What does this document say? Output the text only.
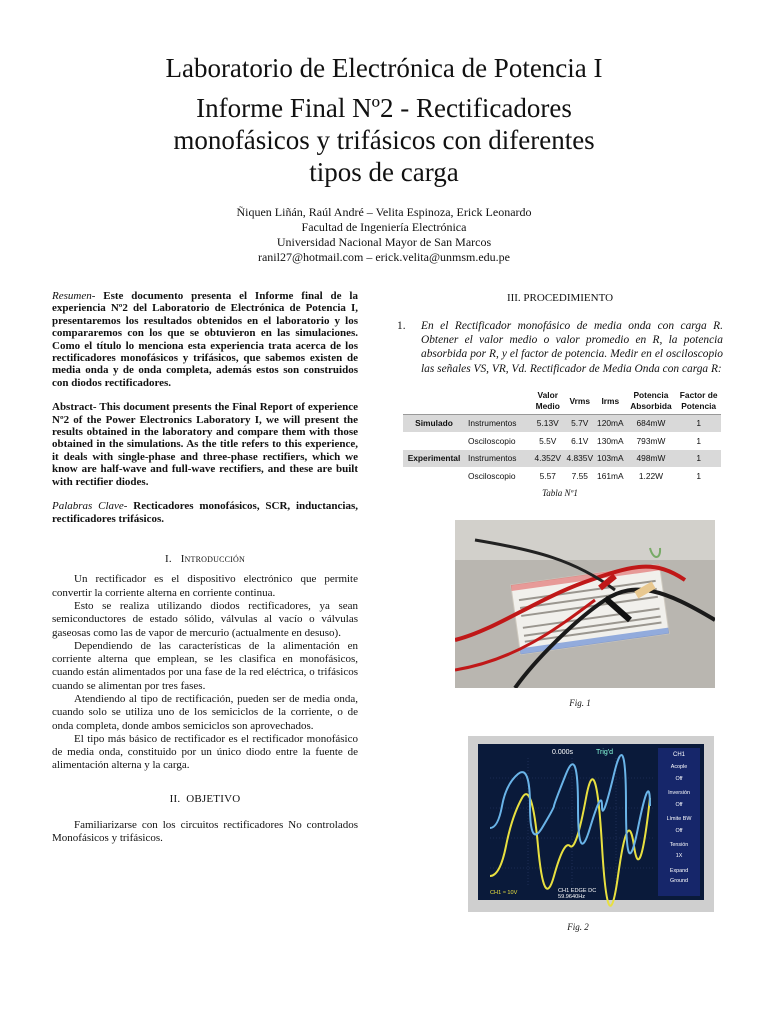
Laboratorio de Electrónica de Potencia I
Informe Final Nº2 - Rectificadores
monofásicos y trifásicos con diferentes
tipos de carga
Ñiquen Liñán, Raúl André – Velita Espinoza, Erick Leonardo
Facultad de Ingeniería Electrónica
Universidad Nacional Mayor de San Marcos
ranil27@hotmail.com – erick.velita@unmsm.edu.pe

Resumen- Este documento presenta el Informe final de la experiencia Nº2 del Laboratorio de Electrónica de Potencia I, presentaremos los resultados obtenidos en el laboratorio y los compararemos con los que se obtuvieron en las simulaciones. Como el título lo menciona esta experiencia trata acerca de los rectificadores monofásicos y trifásicos, que sabemos existen de media onda y de onda completa, además estos son construidos con diodos rectificadores.

Abstract- This document presents the Final Report of experience Nº2 of the Power Electronics Laboratory I, we will present the results obtained in the laboratory and compare them with those obtained in the simulations. As the title refers to this experience, it deals with single-phase and three-phase rectifiers, which we know are half-wave and full-wave rectifiers, and these are built with rectifier diodes.

Palabras Clave- Recticadores monofásicos, SCR, inductancias, rectificadores trifásicos.

I. Introducción

Un rectificador es el dispositivo electrónico que permite convertir la corriente alterna en corriente continua.

Esto se realiza utilizando diodos rectificadores, ya sean semiconductores de estado sólido, válvulas al vacío o válvulas gaseosas como las de vapor de mercurio (actualmente en desuso).

Dependiendo de las características de la alimentación en corriente alterna que emplean, se les clasifica en monofásicos, cuando están alimentados por una fase de la red eléctrica, o trifásicos cuando se alimentan por tres fases.

Atendiendo al tipo de rectificación, pueden ser de media onda, cuando solo se utiliza uno de los semiciclos de la corriente, o de onda completa, donde ambos semiciclos son aprovechados.

El tipo más básico de rectificador es el rectificador monofásico de media onda, constituido por un único diodo entre la fuente de alimentación alterna y la carga.

II. OBJETIVO

Familiarizarse con los circuitos rectificadores No controlados Monofásicos y trifásicos.

III. PROCEDIMIENTO
1.	En el Rectificador monofásico de media onda con carga R. Obtener el valor medio o valor promedio en R, la potencia absorbida por R, y el factor de potencia. Medir en el osciloscopio las señales VS, VR, Vd. Rectificador de Media Onda con carga R:
		Valor Medio	Vrms	Irms	Potencia Absorbida	Factor de Potencia
Simulado	Instrumentos	5.13V	5.7V	120mA	684mW	1
	Osciloscopio	5.5V	6.1V	130mA	793mW	1
Experimental	Instrumentos	4.352V	4.835V	103mA	498mW	1
	Osciloscopio	5.57	7.55	161mA	1.22W	1
Tabla Nº1
Fig. 1
0.000s	Trig'd	CH1
Acople
Off
Inversión
Off
Límite BW
Off
Tensión
1X
Expand
Ground
CH1 ≈ 10V	CH1 EDGE DC
59.9640Hz
Fig. 2
